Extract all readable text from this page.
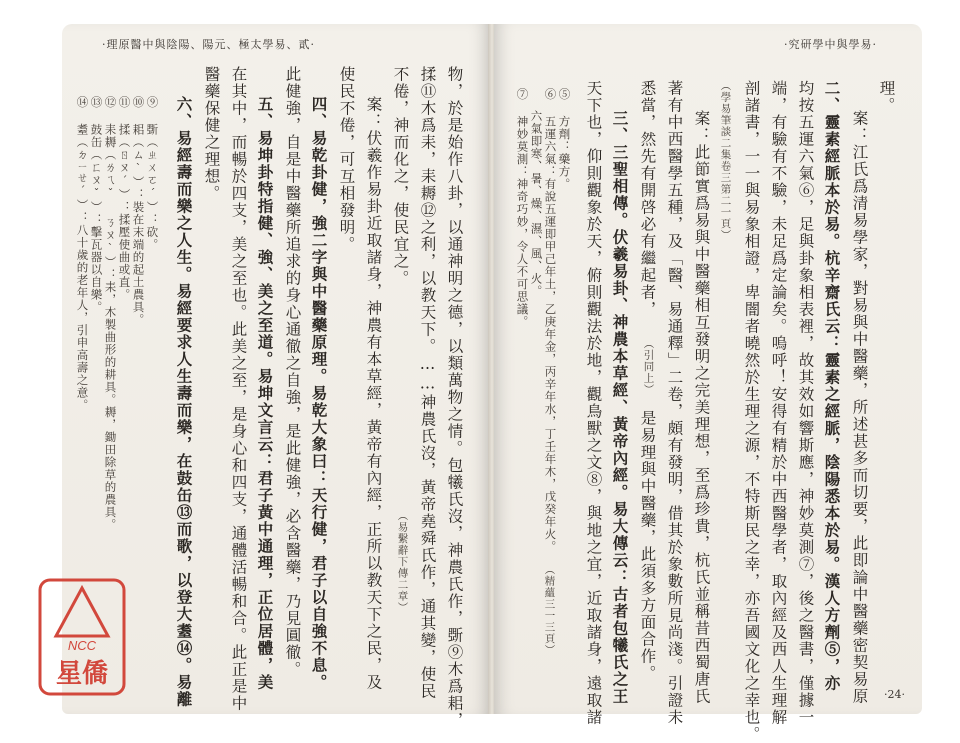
·理原醫中與陰陽、陽元、極太學易、貳·
物，於是始作八卦，以通神明之德，以類萬物之情。包犧氏沒，神農氏作，斲⑨木爲耜，
揉⑪木爲耒，耒耨⑫之利，以教天下。……神農氏沒，黃帝堯舜氏作，通其變，使民
不倦，神而化之，使民宜之。
（易繫辭下傳二章）
案：伏羲作易卦近取諸身，神農有本草經，黃帝有內經，正所以教天下之民，及
使民不倦，可互相發明。
四、易乾卦健，強二字與中醫藥原理。易乾大象曰：天行健，君子以自強不息。
此健強，自是中醫藥所追求的身心通徹之自強，是此健強，必含醫藥，乃見圓徹。
五、易坤卦特指健、強、美之至道。易坤文言云：君子黃中通理，正位居體，美
在其中，而暢於四支，美之至也。此美之至，是身心和四支，通體活暢和合。此正是中
醫藥保健之理想。
六、易經壽而樂之人生。易經要求人生壽而樂，在鼓缶⑬而歌，以登大耋⑭。易離
⑨ 斲（ㄓㄨㄛˊ）：砍。
⑩ 耜（ㄙˋ）：裝在末端的起土農具。
⑪ 揉（ㄖㄡˊ）：揉壓使曲或直。
⑫ 耒耨（ㄌㄟˇ ㄋㄡˋ）：耒，木製曲形的耕具。耨，鋤田除草的農具。
⑬ 鼓缶（ㄈㄡˇ）：擊瓦器以自樂。
⑭ 耋（ㄉㄧㄝˊ）：八十歲的老年人，引申高壽之意。
·究研學中與學易·
理。
案：江氏爲清易學家，對易與中醫藥，所述甚多而切要，此即論中醫藥密契易原
二、靈素經脈本於易。杭辛齋氏云：靈素之經脈，陰陽悉本於易。漢人方劑⑤，亦
均按五運六氣⑥，足與卦象相表裡，故其效如響斯應，神妙莫測⑦，後之醫書，僅據一
端，有驗有不驗，未足爲定論矣。嗚呼！安得有精於中西醫學者，取內經及西人生理解
剖諸書，一一與易象相證，卑闇者曉然於生理之源，不特斯民之幸，亦吾國文化之幸也。
（學易筆談二集卷三第二一頁）
案：此節實爲易與中醫藥相互發明之完美理想，至爲珍貴，杭氏並稱昔西蜀唐氏
著有中西醫學五種，及「醫、易通釋」二卷，頗有發明，借其於象數所見尚淺。引證未
悉當，然先有開啓必有繼起者，
（引同上）
是易理與中醫藥，此須多方面合作。
三、三聖相傳。伏羲易卦、神農本草經、黃帝內經。易大傳云：古者包犧氏之王
天下也，仰則觀象於天，俯則觀法於地，觀鳥獸之文⑧，與地之宜，近取諸身，遠取諸
⑤ 方劑：藥方。
⑥ 五運六氣：有說五運即甲己年土，乙庚年金，丙辛年水，丁壬年木，戊癸年火。
六氣即寒、暑、燥、濕、風、火。
⑦ 神妙莫測：神奇巧妙，令人不可思議。
（精蘊三一三頁）
·24·
NCC
星僑
